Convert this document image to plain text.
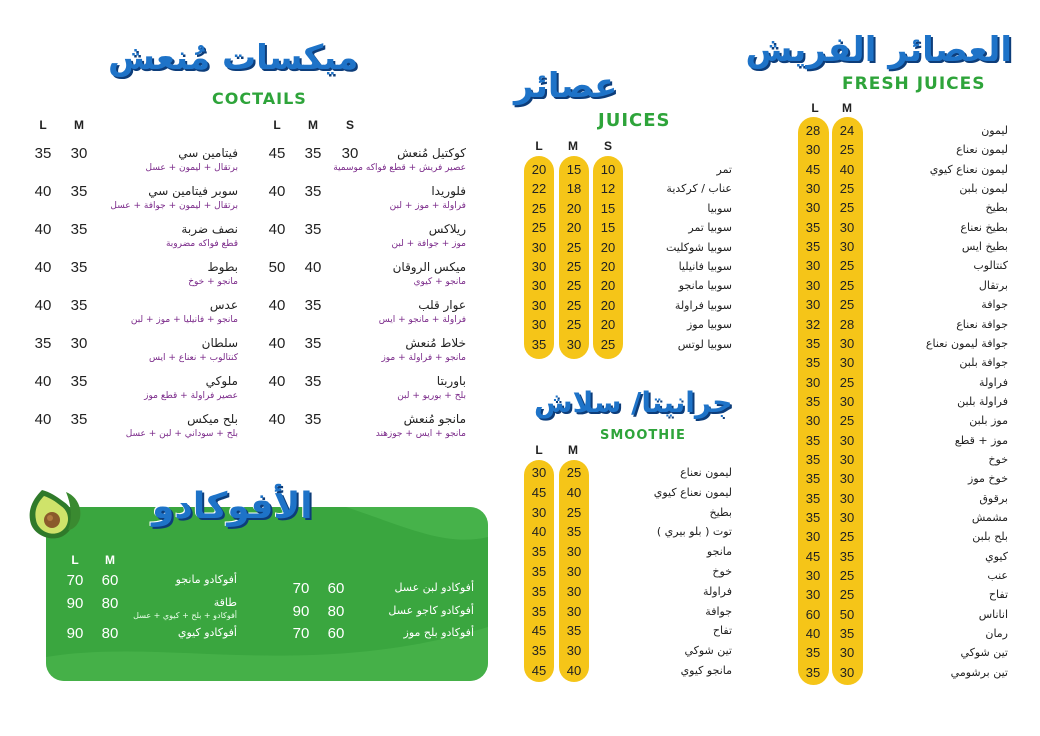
العصائر الفريش
FRESH JUICES
L	M
28	24	ليمون
30	25	ليمون نعناع
45	40	ليمون نعناع كيوي
30	25	ليمون بلبن
30	25	بطيخ
35	30	بطيخ نعناع
35	30	بطيخ ايس
30	25	كنتالوب
30	25	برتقال
30	25	جوافة
32	28	جوافة نعناع
35	30	جوافة ليمون نعناع
35	30	جوافة بلبن
30	25	فراولة
35	30	فراولة بلبن
30	25	موز بلبن
35	30	موز + قطع
35	30	خوخ
35	30	خوخ موز
35	30	برقوق
35	30	مشمش
30	25	بلح بلبن
45	35	كيوي
30	25	عنب
30	25	تفاح
60	50	اناناس
40	35	رمان
35	30	تين شوكي
35	30	تين برشومي
عصائر
JUICES
L	M	S
20	15	10	تمر
22	18	12	عناب / كركدية
25	20	15	سوبيا
25	20	15	سوبيا تمر
30	25	20	سوبيا شوكليت
30	25	20	سوبيا فانيليا
30	25	20	سوبيا مانجو
30	25	20	سوبيا فراولة
30	25	20	سوبيا موز
35	30	25	سوبيا لوتس
جرانيتا/ سلاش
SMOOTHIE
L	M
30	25	ليمون نعناع
45	40	ليمون نعناع كيوي
30	25	بطيخ
40	35	توت ( بلو بيري )
35	30	مانجو
35	30	خوخ
35	30	فراولة
35	30	جوافة
45	35	تفاح
35	30	تين شوكي
45	40	مانجو كيوي
ميكسات مُنعش
COCTAILS
L	M	L	M	S
45	35	30	كوكتيل مُنعش
عصير فريش + قطع فواكه موسمية
40	35	فلوريدا
فراولة + موز + لبن
40	35	ريلاكس
موز + جوافة + لبن
50	40	ميكس الروقان
مانجو + كيوي
40	35	عوار قلب
فراولة + مانجو + ايس
40	35	خلاط مُنعش
مانجو + فراولة + موز
40	35	باوربتا
بلح + بوريو + لبن
40	35	مانجو مُنعش
مانجو + ايس + جوزهند
35	30	فيتامين سي
برتقال + ليمون + عسل
40	35	سوبر فيتامين سي
برتقال + ليمون + جوافة + عسل
40	35	نصف ضربة
قطع فواكه مضروبة
40	35	بطوط
مانجو + خوخ
40	35	عدس
مانجو + فانيليا + موز + لبن
35	30	سلطان
كنتالوب + نعناع + ايس
40	35	ملوكي
عصير فراولة + قطع موز
40	35	بلح ميكس
بلح + سوداني + لبن + عسل
الأفوكادو
L	M
70	60	أفوكادو مانجو
90	80	طاقة
أفوكادو + بلح + كيوي + عسل
90	80	أفوكادو كيوي
70	60	أفوكادو لبن عسل
90	80	أفوكادو كاجو عسل
70	60	أفوكادو بلح موز
